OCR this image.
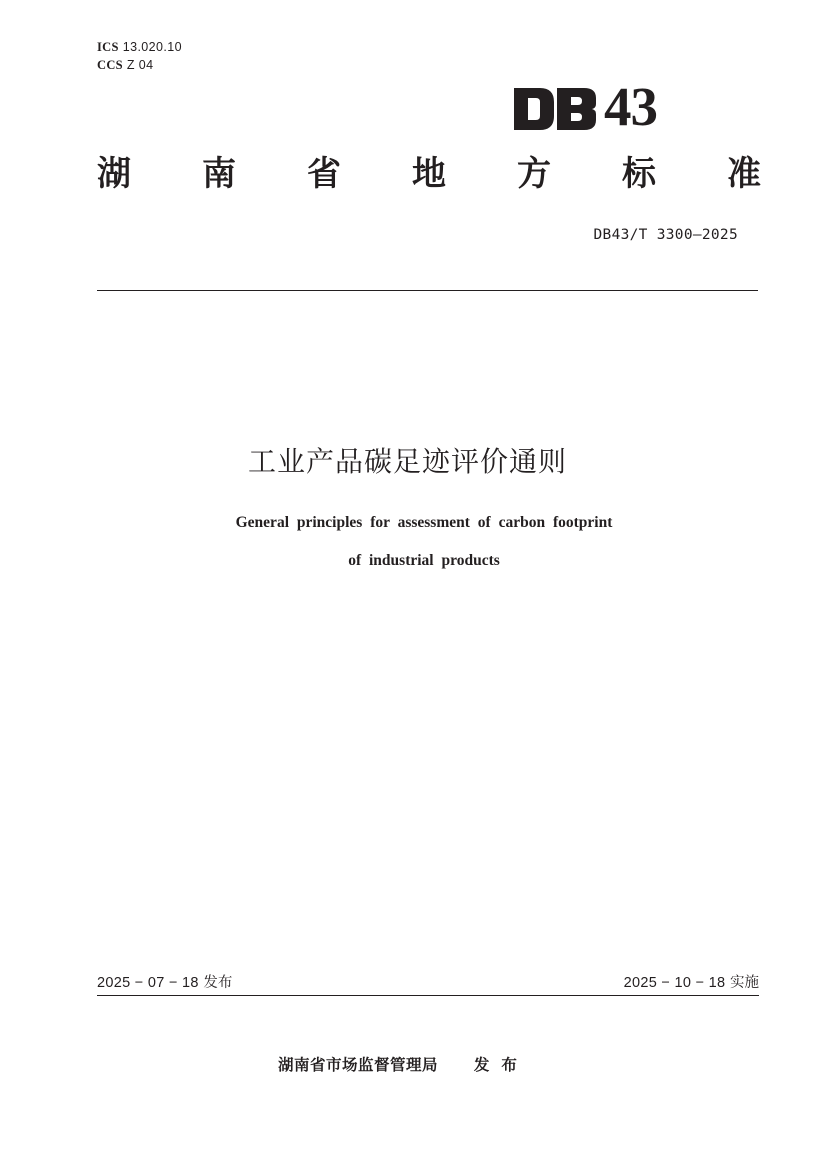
ICS 13.020.10
CCS Z 04
43
湖 南 省 地 方 标 准
DB43/T 3300—2025
工业产品碳足迹评价通则
General principles for assessment of carbon footprint
of industrial products
2025 − 07 − 18 发布	2025 − 10 − 18 实施
湖南省市场监督管理局 发布
